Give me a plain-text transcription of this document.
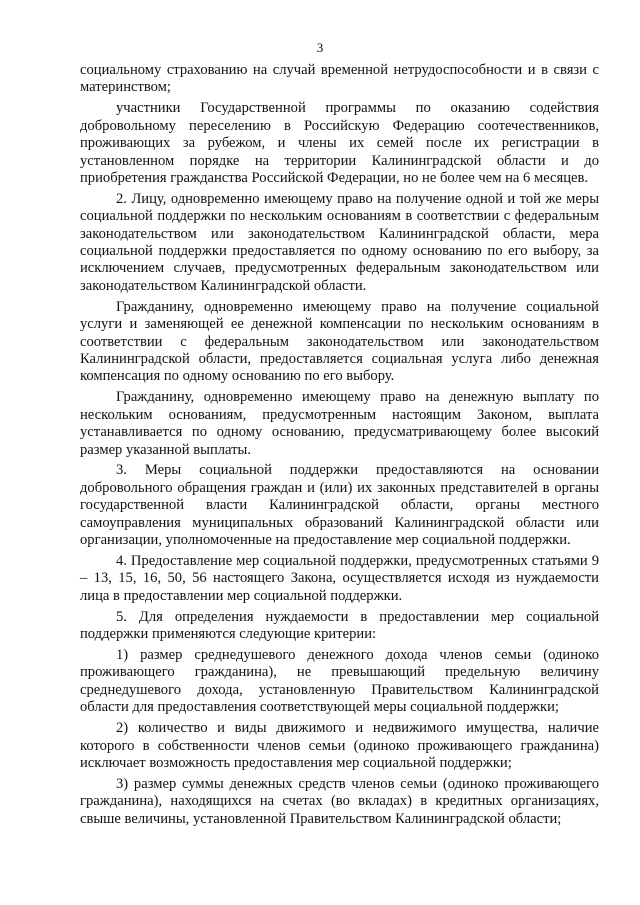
3

социальному страхованию на случай временной нетрудоспособности и в связи с материнством;

участники Государственной программы по оказанию содействия добровольному переселению в Российскую Федерацию соотечественников, проживающих за рубежом, и члены их семей после их регистрации в установленном порядке на территории Калининградской области и до приобретения гражданства Российской Федерации, но не более чем на 6 месяцев.

2. Лицу, одновременно имеющему право на получение одной и той же меры социальной поддержки по нескольким основаниям в соответствии с федеральным законодательством или законодательством Калининградской области, мера социальной поддержки предоставляется по одному основанию по его выбору, за исключением случаев, предусмотренных федеральным законодательством или законодательством Калининградской области.

Гражданину, одновременно имеющему право на получение социальной услуги и заменяющей ее денежной компенсации по нескольким основаниям в соответствии с федеральным законодательством или законодательством Калининградской области, предоставляется социальная услуга либо денежная компенсация по одному основанию по его выбору.

Гражданину, одновременно имеющему право на денежную выплату по нескольким основаниям, предусмотренным настоящим Законом, выплата устанавливается по одному основанию, предусматривающему более высокий размер указанной выплаты.

3. Меры социальной поддержки предоставляются на основании добровольного обращения граждан и (или) их законных представителей в органы государственной власти Калининградской области, органы местного самоуправления муниципальных образований Калининградской области или организации, уполномоченные на предоставление мер социальной поддержки.

4. Предоставление мер социальной поддержки, предусмотренных статьями 9 – 13, 15, 16, 50, 56 настоящего Закона, осуществляется исходя из нуждаемости лица в предоставлении мер социальной поддержки.

5. Для определения нуждаемости в предоставлении мер социальной поддержки применяются следующие критерии:

1) размер среднедушевого денежного дохода членов семьи (одиноко проживающего гражданина), не превышающий предельную величину среднедушевого дохода, установленную Правительством Калининградской области для предоставления соответствующей меры социальной поддержки;

2) количество и виды движимого и недвижимого имущества, наличие которого в собственности членов семьи (одиноко проживающего гражданина) исключает возможность предоставления мер социальной поддержки;

3) размер суммы денежных средств членов семьи (одиноко проживающего гражданина), находящихся на счетах (во вкладах) в кредитных организациях, свыше величины, установленной Правительством Калининградской области;
